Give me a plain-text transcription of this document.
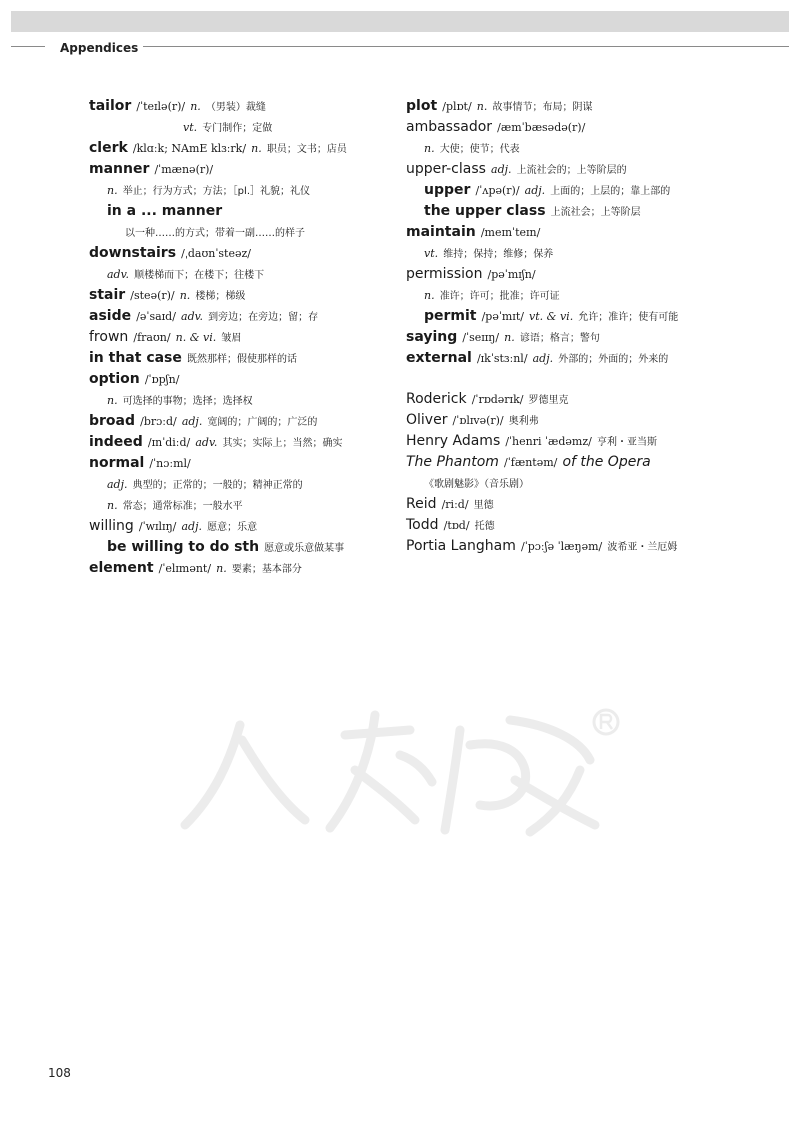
Appendices
tailor /ˈteɪlə(r)/ n. （男装）裁缝
vt. 专门制作；定做
clerk /klɑːk; NAmE klɜːrk/ n. 职员；文书；店员
manner /ˈmænə(r)/
n. 举止；行为方式；方法；［pl.］礼貌；礼仪
in a ... manner
以一种……的方式；带着一副……的样子
downstairs /ˌdaʊnˈsteəz/
adv. 顺楼梯而下；在楼下；往楼下
stair /steə(r)/ n. 楼梯；梯级
aside /əˈsaɪd/ adv. 到旁边；在旁边；留；存
frown /fraʊn/ n. & vi. 皱眉
in that case 既然那样；假使那样的话
option /ˈɒpʃn/
n. 可选择的事物；选择；选择权
broad /brɔːd/ adj. 宽阔的；广阔的；广泛的
indeed /ɪnˈdiːd/ adv. 其实；实际上；当然；确实
normal /ˈnɔːml/
adj. 典型的；正常的；一般的；精神正常的
n. 常态；通常标准；一般水平
willing /ˈwɪlɪŋ/ adj. 愿意；乐意
be willing to do sth 愿意或乐意做某事
element /ˈelɪmənt/ n. 要素；基本部分
plot /plɒt/ n. 故事情节；布局；阴谋
ambassador /æmˈbæsədə(r)/
n. 大使；使节；代表
upper-class adj. 上流社会的；上等阶层的
upper /ˈʌpə(r)/ adj. 上面的；上层的；靠上部的
the upper class 上流社会；上等阶层
maintain /meɪnˈteɪn/
vt. 维持；保持；维修；保养
permission /pəˈmɪʃn/
n. 准许；许可；批准；许可证
permit /pəˈmɪt/ vt. & vi. 允许；准许；使有可能
saying /ˈseɪɪŋ/ n. 谚语；格言；警句
external /ɪkˈstɜːnl/ adj. 外部的；外面的；外来的
Roderick /ˈrɒdərɪk/ 罗德里克
Oliver /ˈɒlɪvə(r)/ 奥利弗
Henry Adams /ˈhenri ˈædəmz/ 亨利・亚当斯
The Phantom /ˈfæntəm/ of the Opera
《歌剧魅影》（音乐剧）
Reid /riːd/ 里德
Todd /tɒd/ 托德
Portia Langham /ˈpɔːʃə ˈlæŋəm/ 波希亚・兰厄姆
108
